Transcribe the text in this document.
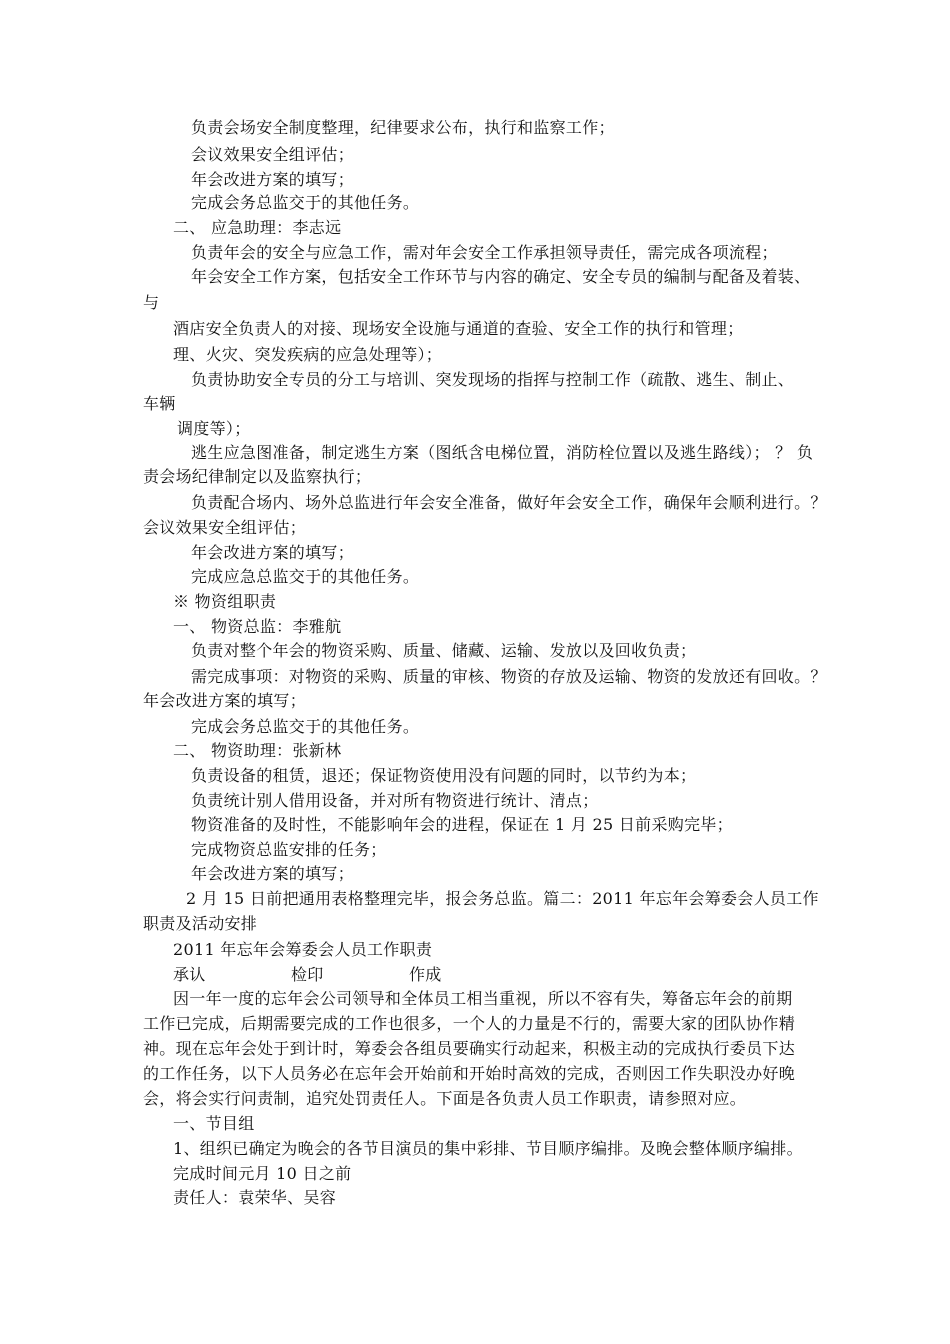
负责会场安全制度整理，纪律要求公布，执行和监察工作；
会议效果安全组评估；
年会改进方案的填写；
完成会务总监交于的其他任务。
二、 应急助理：李志远
负责年会的安全与应急工作，需对年会安全工作承担领导责任，需完成各项流程；
年会安全工作方案，包括安全工作环节与内容的确定、安全专员的编制与配备及着装、
与
酒店安全负责人的对接、现场安全设施与通道的查验、安全工作的执行和管理；
理、火灾、突发疾病的应急处理等）；
负责协助安全专员的分工与培训、突发现场的指挥与控制工作（疏散、逃生、制止、
车辆
调度等）；
逃生应急图准备，制定逃生方案（图纸含电梯位置，消防栓位置以及逃生路线）； ？ 负
责会场纪律制定以及监察执行；
负责配合场内、场外总监进行年会安全准备，做好年会安全工作，确保年会顺利进行。？
会议效果安全组评估；
年会改进方案的填写；
完成应急总监交于的其他任务。
※ 物资组职责
一、 物资总监：李雅航
负责对整个年会的物资采购、质量、储藏、运输、发放以及回收负责；
需完成事项：对物资的采购、质量的审核、物资的存放及运输、物资的发放还有回收。？
年会改进方案的填写；
完成会务总监交于的其他任务。
二、 物资助理：张新林
负责设备的租赁，退还；保证物资使用没有问题的同时，以节约为本；
负责统计别人借用设备，并对所有物资进行统计、清点；
物资准备的及时性，不能影响年会的进程，保证在 1 月 25 日前采购完毕；
完成物资总监安排的任务；
年会改进方案的填写；
2 月 15 日前把通用表格整理完毕，报会务总监。篇二：2011 年忘年会筹委会人员工作
职责及活动安排
2011 年忘年会筹委会人员工作职责
承认	检印	作成
因一年一度的忘年会公司领导和全体员工相当重视，所以不容有失，筹备忘年会的前期
工作已完成，后期需要完成的工作也很多，一个人的力量是不行的，需要大家的团队协作精
神。现在忘年会处于到计时，筹委会各组员要确实行动起来，积极主动的完成执行委员下达
的工作任务，以下人员务必在忘年会开始前和开始时高效的完成，否则因工作失职没办好晚
会，将会实行问责制，追究处罚责任人。下面是各负责人员工作职责，请参照对应。
一、节目组
1、组织已确定为晚会的各节目演员的集中彩排、节目顺序编排。及晚会整体顺序编排。
完成时间元月 10 日之前
责任人：袁荣华、吴容
